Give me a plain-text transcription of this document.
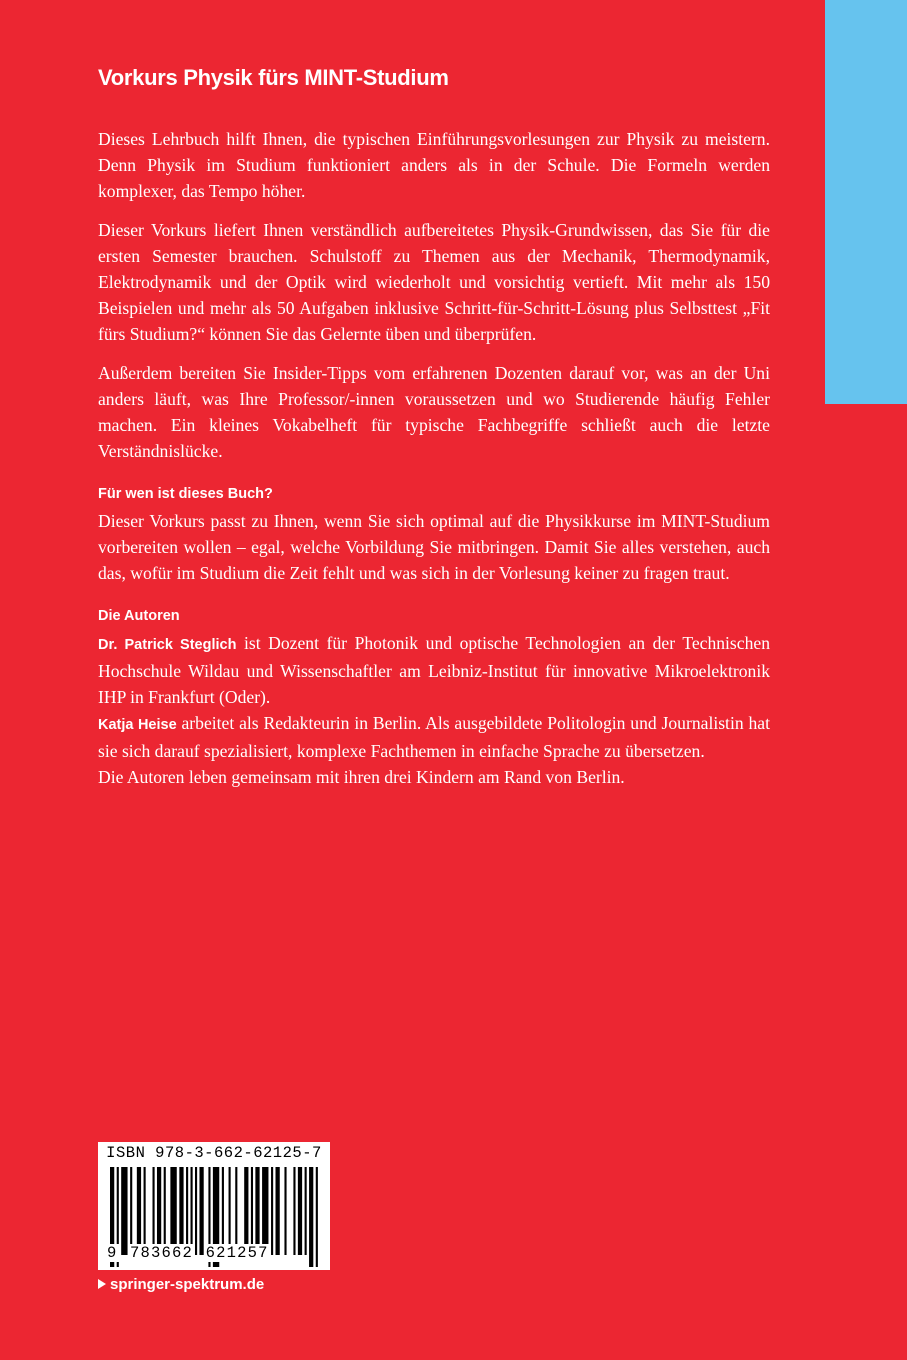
Vorkurs Physik fürs MINT-Studium

Dieses Lehrbuch hilft Ihnen, die typischen Einführungsvorlesungen zur Physik zu meistern. Denn Physik im Studium funktioniert anders als in der Schule. Die Formeln werden komplexer, das Tempo höher.

Dieser Vorkurs liefert Ihnen verständlich aufbereitetes Physik-Grundwissen, das Sie für die ersten Semester brauchen. Schulstoff zu Themen aus der Mechanik, Thermodynamik, Elektrodynamik und der Optik wird wiederholt und vorsichtig vertieft. Mit mehr als 150 Beispielen und mehr als 50 Aufgaben inklusive Schritt-für-Schritt-Lösung plus Selbsttest „Fit fürs Studium?“ können Sie das Gelernte üben und überprüfen.

Außerdem bereiten Sie Insider-Tipps vom erfahrenen Dozenten darauf vor, was an der Uni anders läuft, was Ihre Professor/-innen voraussetzen und wo Studierende häufig Fehler machen. Ein kleines Vokabelheft für typische Fachbegriffe schließt auch die letzte Verständnislücke.

Für wen ist dieses Buch?

Dieser Vorkurs passt zu Ihnen, wenn Sie sich optimal auf die Physikkurse im MINT-Studium vorbereiten wollen – egal, welche Vorbildung Sie mitbringen. Damit Sie alles verstehen, auch das, wofür im Studium die Zeit fehlt und was sich in der Vorlesung keiner zu fragen traut.

Die Autoren

Dr. Patrick Steglich ist Dozent für Photonik und optische Technologien an der Technischen Hochschule Wildau und Wissenschaftler am Leibniz-Institut für innovative Mikroelektronik IHP in Frankfurt (Oder).

Katja Heise arbeitet als Redakteurin in Berlin. Als ausgebildete Politologin und Journalistin hat sie sich darauf spezialisiert, komplexe Fachthemen in einfache Sprache zu übersetzen.

Die Autoren leben gemeinsam mit ihren drei Kindern am Rand von Berlin.

ISBN 978-3-662-62125-7
9 783662 621257
springer-spektrum.de
